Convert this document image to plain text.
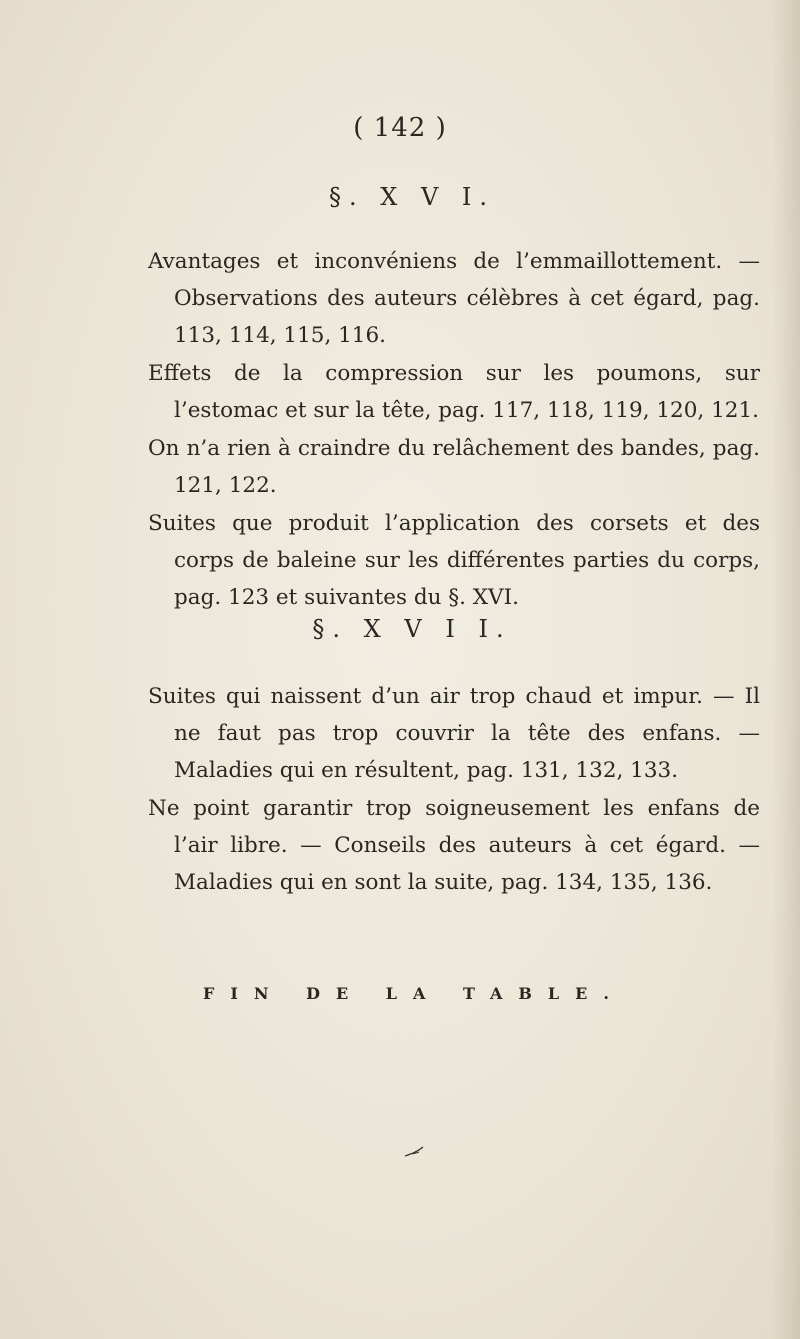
( 142 )
§. X V I.

Avantages et inconvéniens de l’emmaillottement. — Observations des auteurs célèbres à cet égard, pag. 113, 114, 115, 116.

Effets de la compression sur les poumons, sur l’estomac et sur la tête, pag. 117, 118, 119, 120, 121.

On n’a rien à craindre du relâchement des bandes, pag. 121, 122.

Suites que produit l’application des corsets et des corps de baleine sur les différentes parties du corps, pag. 123 et suivantes du §. XVI.

§. X V I I.

Suites qui naissent d’un air trop chaud et impur. — Il ne faut pas trop couvrir la tête des enfans. — Maladies qui en résultent, pag. 131, 132, 133.

Ne point garantir trop soigneusement les enfans de l’air libre. — Conseils des auteurs à cet égard. — Maladies qui en sont la suite, pag. 134, 135, 136.

FIN DE LA TABLE.
